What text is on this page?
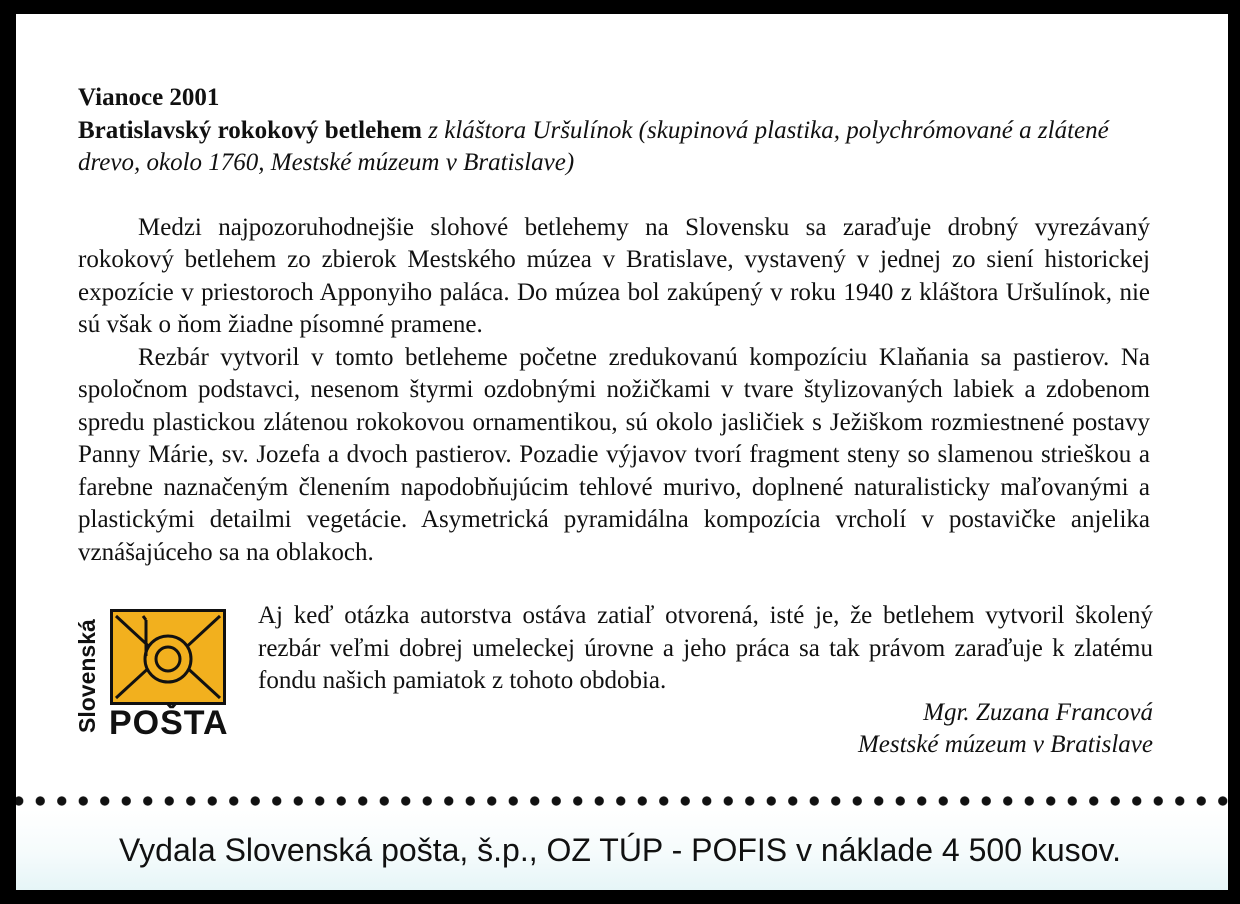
Vianoce 2001

Bratislavský rokokový betlehem z kláštora Uršulínok (skupinová plastika, polychrómované a zlátené drevo, okolo 1760, Mestské múzeum v Bratislave)

Medzi najpozoruhodnejšie slohové betlehemy na Slovensku sa zaraďuje drobný vyrezávaný rokokový betlehem zo zbierok Mestského múzea v Bratislave, vystavený v jednej zo siení historickej expozície v priestoroch Apponyiho paláca. Do múzea bol zakúpený v roku 1940 z kláštora Uršulínok, nie sú však o ňom žiadne písomné pramene.

Rezbár vytvoril v tomto betleheme početne zredukovanú kompozíciu Klaňania sa pastierov. Na spoločnom podstavci, nesenom štyrmi ozdobnými nožičkami v tvare štylizovaných labiek a zdobenom spredu plastickou zlátenou rokokovou ornamentikou, sú okolo jasličiek s Ježiškom rozmiestnené postavy Panny Márie, sv. Jozefa a dvoch pastierov. Pozadie výjavov tvorí fragment steny so slamenou strieškou a farebne naznačeným členením napodobňujúcim tehlové murivo, doplnené naturalisticky maľovanými a plastickými detailmi vegetácie. Asymetrická pyramidálna kompozícia vrcholí v postavičke anjelika vznášajúceho sa na oblakoch.

Aj keď otázka autorstva ostáva zatiaľ otvorená, isté je, že betlehem vytvoril školený rezbár veľmi dobrej umeleckej úrovne a jeho práca sa tak právom zaraďuje k zlatému fondu našich pamiatok z tohoto obdobia.

Mgr. Zuzana Francová
Mestské múzeum v Bratislave
Slovenská POŠTA
Vydala Slovenská pošta, š.p., OZ TÚP - POFIS v náklade 4 500 kusov.
